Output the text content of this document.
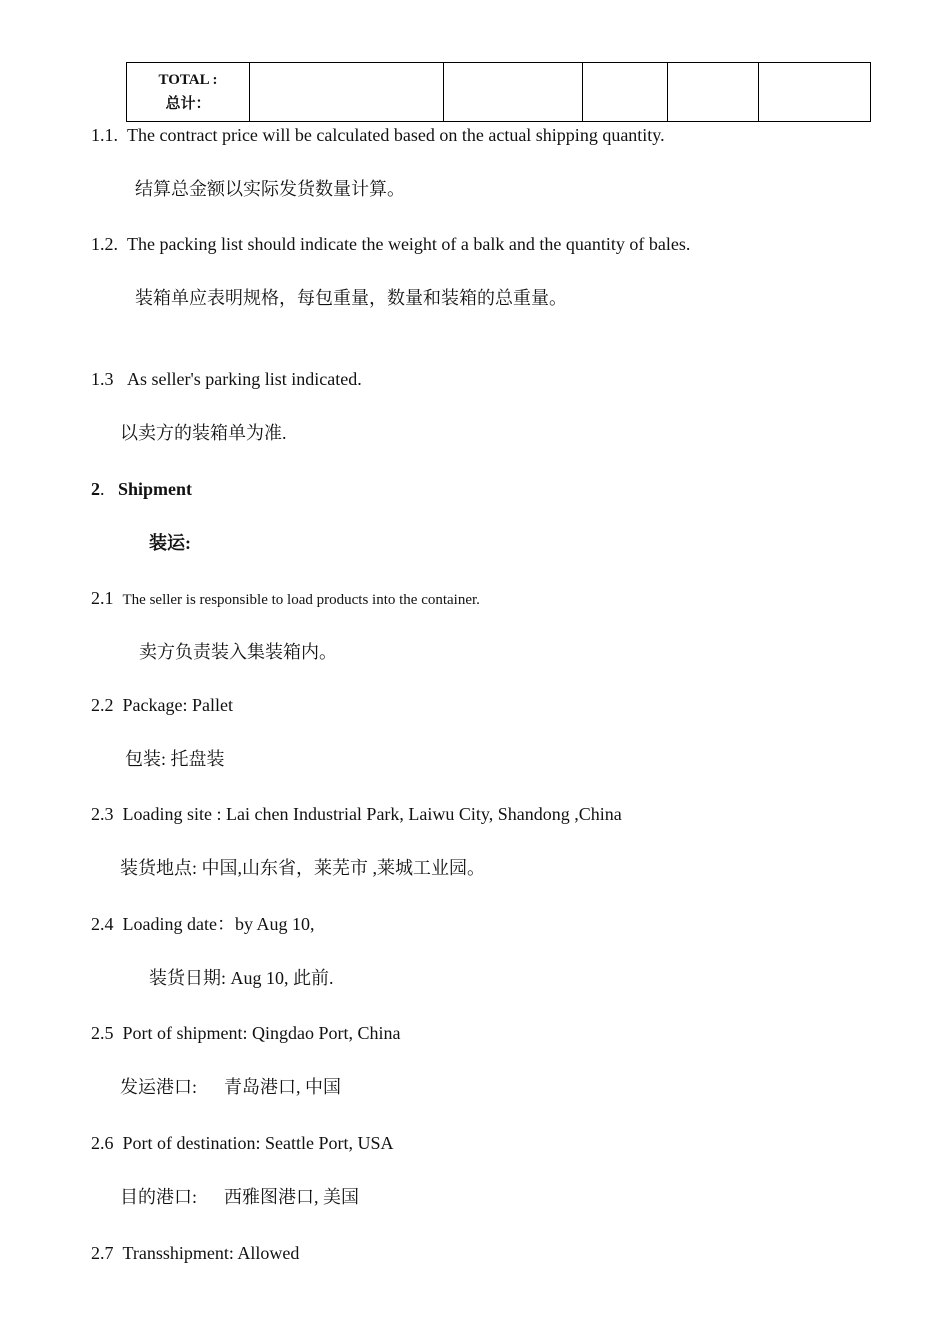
TOTAL :
总计：

1.1. The contract price will be calculated based on the actual shipping quantity.
结算总金额以实际发货数量计算。
1.2. The packing list should indicate the weight of a balk and the quantity of bales.
装箱单应表明规格，每包重量，数量和装箱的总重量。
1.3 As seller's parking list indicated.
以卖方的装箱单为准.
2. Shipment
装运:
2.1 The seller is responsible to load products into the container.
卖方负责装入集装箱内。
2.2 Package: Pallet
包装: 托盘装
2.3 Loading site : Lai chen Industrial Park, Laiwu City, Shandong ,China
装货地点: 中国,山东省，莱芜市 ,莱城工业园。
2.4 Loading date：by Aug 10,
装货日期: Aug 10, 此前.
2.5 Port of shipment: Qingdao Port, China
发运港口:      青岛港口, 中国
2.6 Port of destination: Seattle Port, USA
目的港口:      西雅图港口, 美国
2.7 Transshipment: Allowed
